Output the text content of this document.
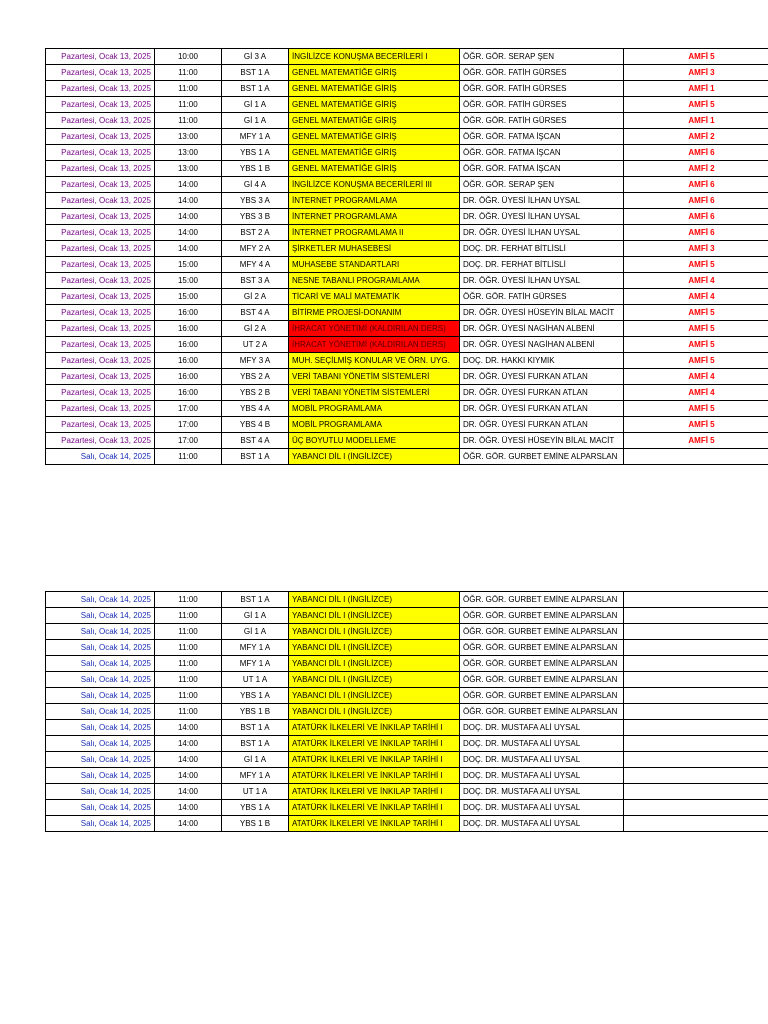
Pazartesi, Ocak 13, 2025	10:00	Gİ 3 A	İNGİLİZCE KONUŞMA BECERİLERİ I	ÖĞR. GÖR. SERAP ŞEN	AMFİ 5
Pazartesi, Ocak 13, 2025	11:00	BST 1 A	GENEL MATEMATİĞE GİRİŞ	ÖĞR. GÖR. FATİH GÜRSES	AMFİ 3
Pazartesi, Ocak 13, 2025	11:00	BST 1 A	GENEL MATEMATİĞE GİRİŞ	ÖĞR. GÖR. FATİH GÜRSES	AMFİ 1
Pazartesi, Ocak 13, 2025	11:00	Gİ 1 A	GENEL MATEMATİĞE GİRİŞ	ÖĞR. GÖR. FATİH GÜRSES	AMFİ 5
Pazartesi, Ocak 13, 2025	11:00	Gİ 1 A	GENEL MATEMATİĞE GİRİŞ	ÖĞR. GÖR. FATİH GÜRSES	AMFİ 1
Pazartesi, Ocak 13, 2025	13:00	MFY 1 A	GENEL MATEMATİĞE GİRİŞ	ÖĞR. GÖR. FATMA İŞCAN	AMFİ 2
Pazartesi, Ocak 13, 2025	13:00	YBS 1 A	GENEL MATEMATİĞE GİRİŞ	ÖĞR. GÖR. FATMA İŞCAN	AMFİ 6
Pazartesi, Ocak 13, 2025	13:00	YBS 1 B	GENEL MATEMATİĞE GİRİŞ	ÖĞR. GÖR. FATMA İŞCAN	AMFİ 2
Pazartesi, Ocak 13, 2025	14:00	Gİ 4 A	İNGİLİZCE KONUŞMA BECERİLERİ III	ÖĞR. GÖR. SERAP ŞEN	AMFİ 6
Pazartesi, Ocak 13, 2025	14:00	YBS 3 A	İNTERNET PROGRAMLAMA	DR. ÖĞR. ÜYESİ İLHAN UYSAL	AMFİ 6
Pazartesi, Ocak 13, 2025	14:00	YBS 3 B	İNTERNET PROGRAMLAMA	DR. ÖĞR. ÜYESİ İLHAN UYSAL	AMFİ 6
Pazartesi, Ocak 13, 2025	14:00	BST 2 A	İNTERNET PROGRAMLAMA II	DR. ÖĞR. ÜYESİ İLHAN UYSAL	AMFİ 6
Pazartesi, Ocak 13, 2025	14:00	MFY 2 A	ŞİRKETLER MUHASEBESİ	DOÇ. DR. FERHAT BİTLİSLİ	AMFİ 3
Pazartesi, Ocak 13, 2025	15:00	MFY 4 A	MUHASEBE STANDARTLARI	DOÇ. DR. FERHAT BİTLİSLİ	AMFİ 5
Pazartesi, Ocak 13, 2025	15:00	BST 3 A	NESNE TABANLI PROGRAMLAMA	DR. ÖĞR. ÜYESİ İLHAN UYSAL	AMFİ 4
Pazartesi, Ocak 13, 2025	15:00	Gİ 2 A	TİCARİ VE MALİ MATEMATİK	ÖĞR. GÖR. FATİH GÜRSES	AMFİ 4
Pazartesi, Ocak 13, 2025	16:00	BST 4 A	BİTİRME PROJESİ-DONANIM	DR. ÖĞR. ÜYESİ HÜSEYİN BİLAL MACİT	AMFİ 5
Pazartesi, Ocak 13, 2025	16:00	Gİ 2 A	İHRACAT YÖNETİMİ (KALDIRILAN DERS)	DR. ÖĞR. ÜYESİ NAGİHAN ALBENİ	AMFİ 5
Pazartesi, Ocak 13, 2025	16:00	UT 2 A	İHRACAT YÖNETİMİ (KALDIRILAN DERS)	DR. ÖĞR. ÜYESİ NAGİHAN ALBENİ	AMFİ 5
Pazartesi, Ocak 13, 2025	16:00	MFY 3 A	MUH. SEÇİLMİŞ KONULAR VE ÖRN. UYG.	DOÇ. DR. HAKKI KIYMIK	AMFİ 5
Pazartesi, Ocak 13, 2025	16:00	YBS 2 A	VERİ TABANI YÖNETİM SİSTEMLERİ	DR. ÖĞR. ÜYESİ FURKAN ATLAN	AMFİ 4
Pazartesi, Ocak 13, 2025	16:00	YBS 2 B	VERİ TABANI YÖNETİM SİSTEMLERİ	DR. ÖĞR. ÜYESİ FURKAN ATLAN	AMFİ 4
Pazartesi, Ocak 13, 2025	17:00	YBS 4 A	MOBİL PROGRAMLAMA	DR. ÖĞR. ÜYESİ FURKAN ATLAN	AMFİ 5
Pazartesi, Ocak 13, 2025	17:00	YBS 4 B	MOBİL PROGRAMLAMA	DR. ÖĞR. ÜYESİ FURKAN ATLAN	AMFİ 5
Pazartesi, Ocak 13, 2025	17:00	BST 4 A	ÜÇ BOYUTLU MODELLEME	DR. ÖĞR. ÜYESİ HÜSEYİN BİLAL MACİT	AMFİ 5
Salı, Ocak 14, 2025	11:00	BST 1 A	YABANCI DİL I (İNGİLİZCE)	ÖĞR. GÖR. GURBET EMİNE ALPARSLAN	
Salı, Ocak 14, 2025	11:00	BST 1 A	YABANCI DİL I (İNGİLİZCE)	ÖĞR. GÖR. GURBET EMİNE ALPARSLAN	
Salı, Ocak 14, 2025	11:00	Gİ 1 A	YABANCI DİL I (İNGİLİZCE)	ÖĞR. GÖR. GURBET EMİNE ALPARSLAN	
Salı, Ocak 14, 2025	11:00	Gİ 1 A	YABANCI DİL I (İNGİLİZCE)	ÖĞR. GÖR. GURBET EMİNE ALPARSLAN	
Salı, Ocak 14, 2025	11:00	MFY 1 A	YABANCI DİL I (İNGİLİZCE)	ÖĞR. GÖR. GURBET EMİNE ALPARSLAN	
Salı, Ocak 14, 2025	11:00	MFY 1 A	YABANCI DİL I (İNGİLİZCE)	ÖĞR. GÖR. GURBET EMİNE ALPARSLAN	
Salı, Ocak 14, 2025	11:00	UT 1 A	YABANCI DİL I (İNGİLİZCE)	ÖĞR. GÖR. GURBET EMİNE ALPARSLAN	
Salı, Ocak 14, 2025	11:00	YBS 1 A	YABANCI DİL I (İNGİLİZCE)	ÖĞR. GÖR. GURBET EMİNE ALPARSLAN	
Salı, Ocak 14, 2025	11:00	YBS 1 B	YABANCI DİL I (İNGİLİZCE)	ÖĞR. GÖR. GURBET EMİNE ALPARSLAN	
Salı, Ocak 14, 2025	14:00	BST 1 A	ATATÜRK İLKELERİ VE İNKILAP TARİHİ I	DOÇ. DR. MUSTAFA ALİ UYSAL	
Salı, Ocak 14, 2025	14:00	BST 1 A	ATATÜRK İLKELERİ VE İNKILAP TARİHİ I	DOÇ. DR. MUSTAFA ALİ UYSAL	
Salı, Ocak 14, 2025	14:00	Gİ 1 A	ATATÜRK İLKELERİ VE İNKILAP TARİHİ I	DOÇ. DR. MUSTAFA ALİ UYSAL	
Salı, Ocak 14, 2025	14:00	MFY 1 A	ATATÜRK İLKELERİ VE İNKILAP TARİHİ I	DOÇ. DR. MUSTAFA ALİ UYSAL	
Salı, Ocak 14, 2025	14:00	UT 1 A	ATATÜRK İLKELERİ VE İNKILAP TARİHİ I	DOÇ. DR. MUSTAFA ALİ UYSAL	
Salı, Ocak 14, 2025	14:00	YBS 1 A	ATATÜRK İLKELERİ VE İNKILAP TARİHİ I	DOÇ. DR. MUSTAFA ALİ UYSAL	
Salı, Ocak 14, 2025	14:00	YBS 1 B	ATATÜRK İLKELERİ VE İNKILAP TARİHİ I	DOÇ. DR. MUSTAFA ALİ UYSAL	
